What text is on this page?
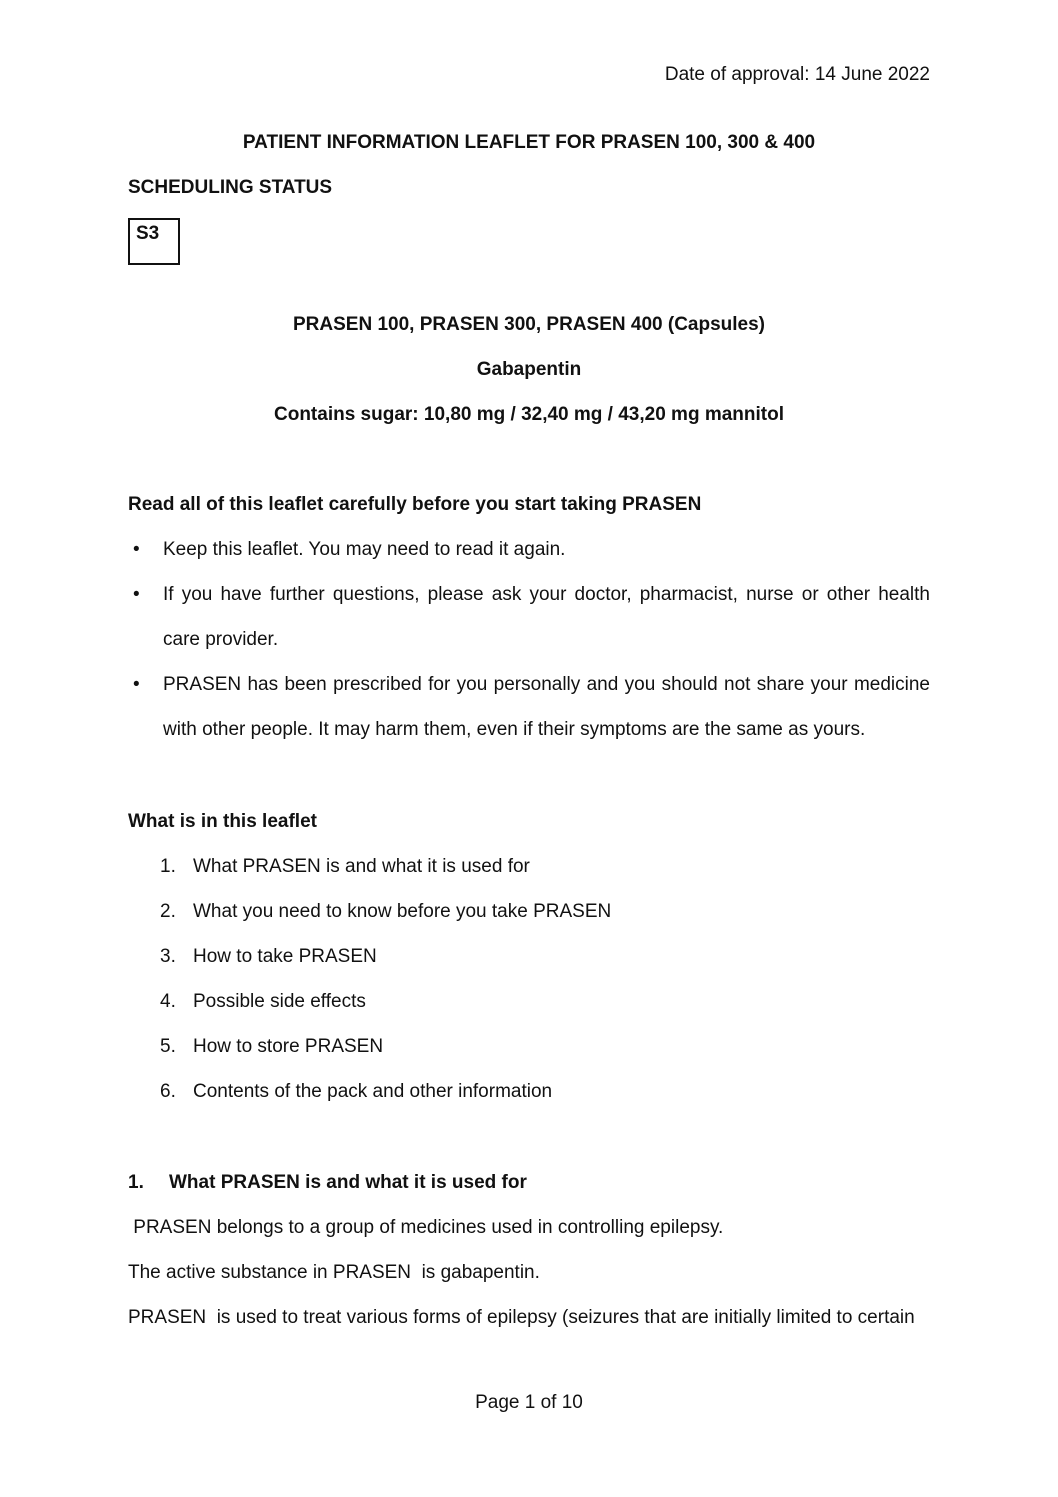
Date of approval: 14 June 2022
PATIENT INFORMATION LEAFLET FOR PRASEN 100, 300 & 400
SCHEDULING STATUS
S3
PRASEN 100, PRASEN 300, PRASEN 400 (Capsules)
Gabapentin
Contains sugar: 10,80 mg / 32,40 mg / 43,20 mg mannitol
Read all of this leaflet carefully before you start taking PRASEN
•
Keep this leaflet. You may need to read it again.
•
If you have further questions, please ask your doctor, pharmacist, nurse or other health care provider.
•
PRASEN has been prescribed for you personally and you should not share your medicine with other people. It may harm them, even if their symptoms are the same as yours.
What is in this leaflet
1. What PRASEN is and what it is used for
2. What you need to know before you take PRASEN
3. How to take PRASEN
4. Possible side effects
5. How to store PRASEN
6. Contents of the pack and other information
1.	What PRASEN is and what it is used for
PRASEN belongs to a group of medicines used in controlling epilepsy.
The active substance in PRASEN  is gabapentin.
PRASEN  is used to treat various forms of epilepsy (seizures that are initially limited to certain
Page 1 of 10
